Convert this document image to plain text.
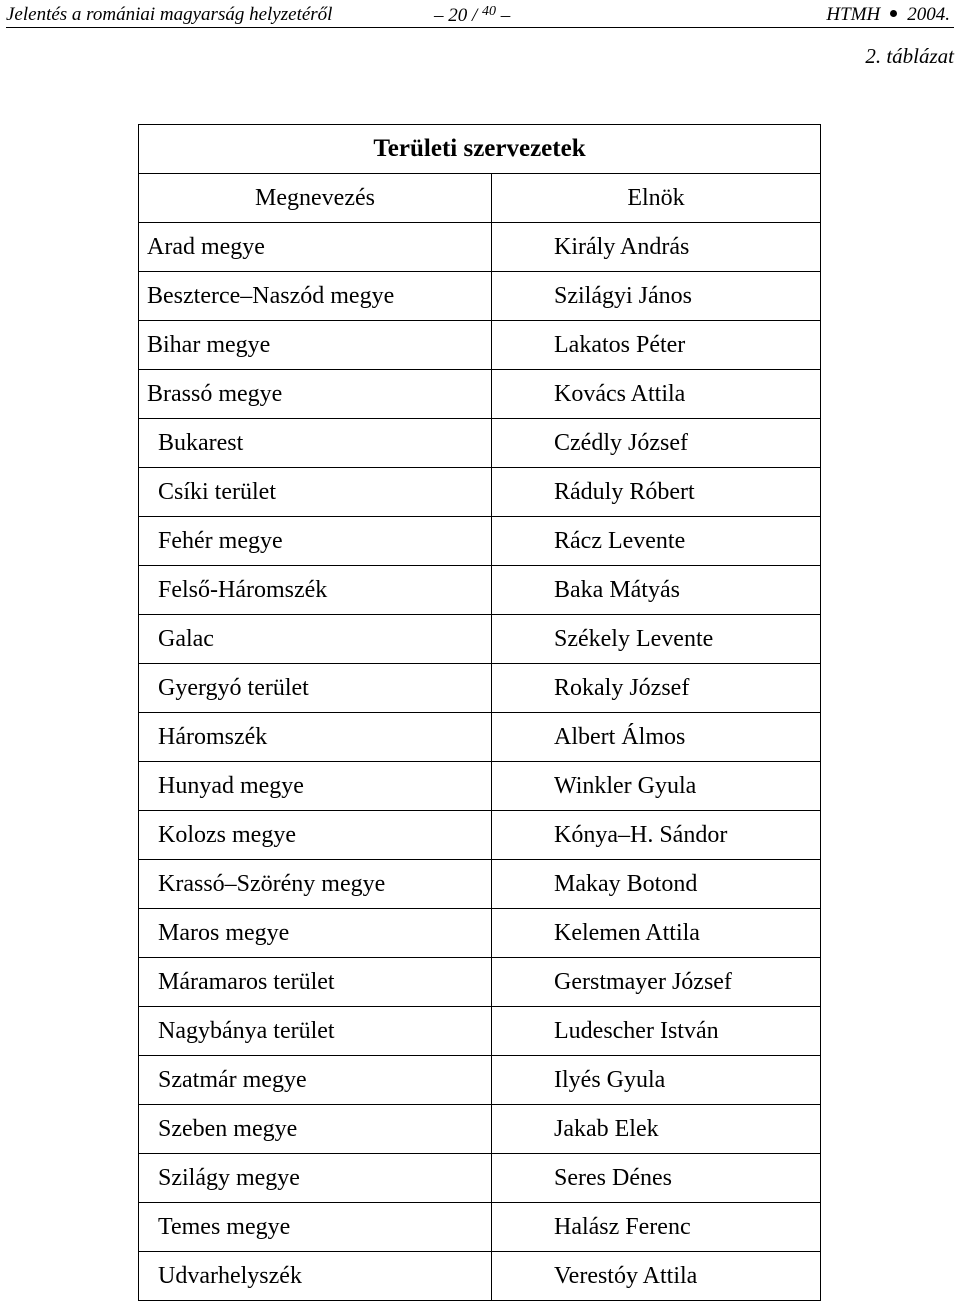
Jelentés a romániai magyarság helyzetéről	– 20 / $^{40}$ –	HTMH 2004.
2. táblázat
Területi szervezetek	
Megnevezés	Elnök
Arad megye	Király András
Beszterce–Naszód megye	Szilágyi János
Bihar megye	Lakatos Péter
Brassó megye	Kovács Attila
Bukarest	Czédly József
Csíki terület	Ráduly Róbert
Fehér megye	Rácz Levente
Felső-Háromszék	Baka Mátyás
Galac	Székely Levente
Gyergyó terület	Rokaly József
Háromszék	Albert Álmos
Hunyad megye	Winkler Gyula
Kolozs megye	Kónya–H. Sándor
Krassó–Szörény megye	Makay Botond
Maros megye	Kelemen Attila
Máramaros terület	Gerstmayer József
Nagybánya terület	Ludescher István
Szatmár megye	Ilyés Gyula
Szeben megye	Jakab Elek
Szilágy megye	Seres Dénes
Temes megye	Halász Ferenc
Udvarhelyszék	Verestóy Attila
